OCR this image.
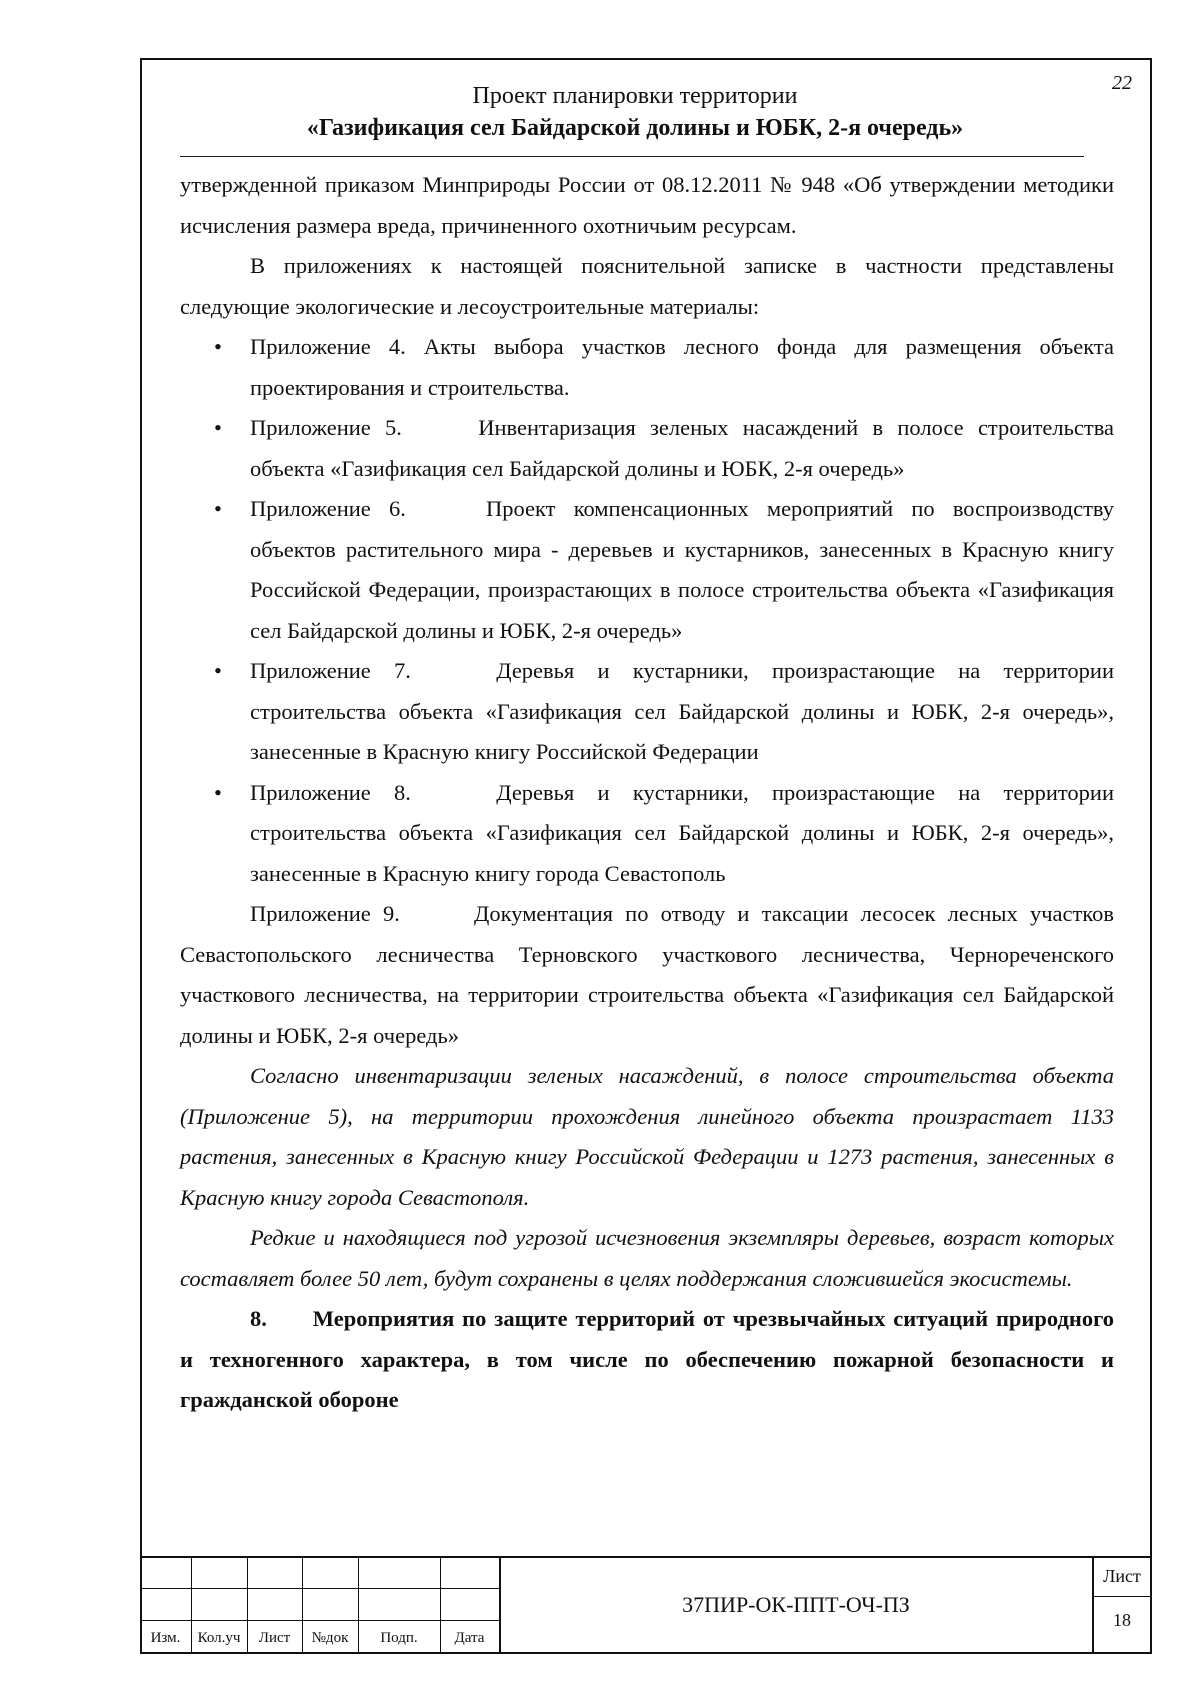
22
Проект планировки территории
«Газификация сел Байдарской долины и ЮБК, 2-я очередь»

утвержденной приказом Минприроды России от 08.12.2011 № 948 «Об утверждении методики исчисления размера вреда, причиненного охотничьим ресурсам.

В приложениях к настоящей пояснительной записке в частности представлены следующие экологические и лесоустроительные материалы:

• Приложение 4. Акты выбора участков лесного фонда для размещения объекта проектирования и строительства.
• Приложение 5.	Инвентаризация зеленых насаждений в полосе строительства объекта «Газификация сел Байдарской долины и ЮБК, 2-я очередь»
• Приложение 6.	Проект компенсационных мероприятий по воспроизводству объектов растительного мира - деревьев и кустарников, занесенных в Красную книгу Российской Федерации, произрастающих в полосе строительства объекта «Газификация сел Байдарской долины и ЮБК, 2-я очередь»
• Приложение 7.	Деревья и кустарники, произрастающие на территории строительства объекта «Газификация сел Байдарской долины и ЮБК, 2-я очередь», занесенные в Красную книгу Российской Федерации
• Приложение 8.	Деревья и кустарники, произрастающие на территории строительства объекта «Газификация сел Байдарской долины и ЮБК, 2-я очередь», занесенные в Красную книгу города Севастополь

Приложение 9.	Документация по отводу и таксации лесосек лесных участков Севастопольского лесничества Терновского участкового лесничества, Чернореченского участкового лесничества, на территории строительства объекта «Газификация сел Байдарской долины и ЮБК, 2-я очередь»

Согласно инвентаризации зеленых насаждений, в полосе строительства объекта (Приложение 5), на территории прохождения линейного объекта произрастает 1133 растения, занесенных в Красную книгу Российской Федерации и 1273 растения, занесенных в Красную книгу города Севастополя.

Редкие и находящиеся под угрозой исчезновения экземпляры деревьев, возраст которых составляет более 50 лет, будут сохранены в целях поддержания сложившейся экосистемы.

8. Мероприятия по защите территорий от чрезвычайных ситуаций природного и техногенного характера, в том числе по обеспечению пожарной безопасности и гражданской обороне

Изм.	Кол.уч	Лист	№док	Подп.	Дата
37ПИР-ОК-ППТ-ОЧ-ПЗ
Лист
18
